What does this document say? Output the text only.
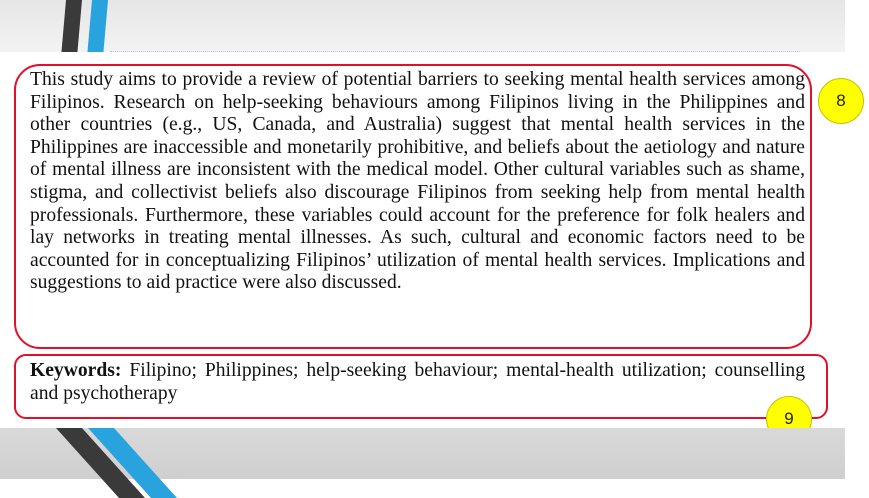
This study aims to provide a review of potential barriers to seeking mental health services among Filipinos. Research on help-seeking behaviours among Filipinos living in the Philippines and other countries (e.g., US, Canada, and Australia) suggest that mental health services in the Philippines are inaccessible and monetarily prohibitive, and beliefs about the aetiology and nature of mental illness are inconsistent with the medical model. Other cultural variables such as shame, stigma, and collectivist beliefs also discourage Filipinos from seeking help from mental health professionals. Furthermore, these variables could account for the preference for folk healers and lay networks in treating mental illnesses. As such, cultural and economic factors need to be accounted for in conceptualizing Filipinos’ utilization of mental health services. Implications and suggestions to aid practice were also discussed.

Keywords: Filipino; Philippines; help-seeking behaviour; mental-health utilization; counselling and psychotherapy

8
9
